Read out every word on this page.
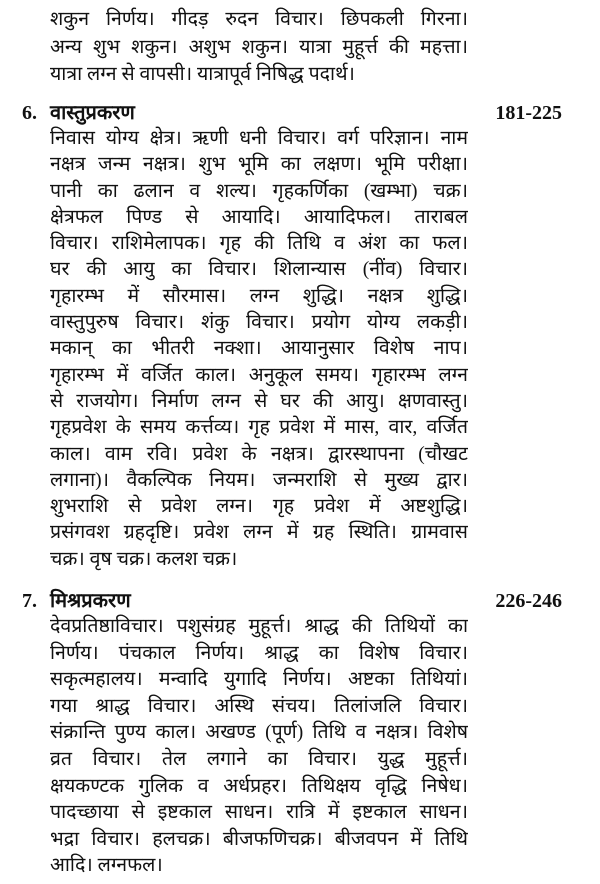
शकुन निर्णय। गीदड़ रुदन विचार। छिपकली गिरना।
अन्य शुभ शकुन। अशुभ शकुन। यात्रा मुहूर्त्त की महत्ता।
यात्रा लग्न से वापसी। यात्रापूर्व निषिद्ध पदार्थ।
6. वास्तुप्रकरण	181-225
निवास योग्य क्षेत्र। ऋणी धनी विचार। वर्ग परिज्ञान। नाम
नक्षत्र जन्म नक्षत्र। शुभ भूमि का लक्षण। भूमि परीक्षा।
पानी का ढलान व शल्य। गृहकर्णिका (खम्भा) चक्र।
क्षेत्रफल पिण्ड से आयादि। आयादिफल। ताराबल
विचार। राशिमेलापक। गृह की तिथि व अंश का फल।
घर की आयु का विचार। शिलान्यास (नींव) विचार।
गृहारम्भ में सौरमास। लग्न शुद्धि। नक्षत्र शुद्धि।
वास्तुपुरुष विचार। शंकु विचार। प्रयोग योग्य लकड़ी।
मकान् का भीतरी नक्शा। आयानुसार विशेष नाप।
गृहारम्भ में वर्जित काल। अनुकूल समय। गृहारम्भ लग्न
से राजयोग। निर्माण लग्न से घर की आयु। क्षणवास्तु।
गृहप्रवेश के समय कर्त्तव्य। गृह प्रवेश में मास, वार, वर्जित
काल। वाम रवि। प्रवेश के नक्षत्र। द्वारस्थापना (चौखट
लगाना)। वैकल्पिक नियम। जन्मराशि से मुख्य द्वार।
शुभराशि से प्रवेश लग्न। गृह प्रवेश में अष्टशुद्धि।
प्रसंगवश ग्रहदृष्टि। प्रवेश लग्न में ग्रह स्थिति। ग्रामवास
चक्र। वृष चक्र। कलश चक्र।
7. मिश्रप्रकरण	226-246
देवप्रतिष्ठाविचार। पशुसंग्रह मुहूर्त्त। श्राद्ध की तिथियों का
निर्णय। पंचकाल निर्णय। श्राद्ध का विशेष विचार।
सकृत्महालय। मन्वादि युगादि निर्णय। अष्टका तिथियां।
गया श्राद्ध विचार। अस्थि संचय। तिलांजलि विचार।
संक्रान्ति पुण्य काल। अखण्ड (पूर्ण) तिथि व नक्षत्र। विशेष
व्रत विचार। तेल लगाने का विचार। युद्ध मुहूर्त्त।
क्षयकण्टक गुलिक व अर्धप्रहर। तिथिक्षय वृद्धि निषेध।
पादच्छाया से इष्टकाल साधन। रात्रि में इष्टकाल साधन।
भद्रा विचार। हलचक्र। बीजफणिचक्र। बीजवपन में तिथि
आदि। लग्नफल।
